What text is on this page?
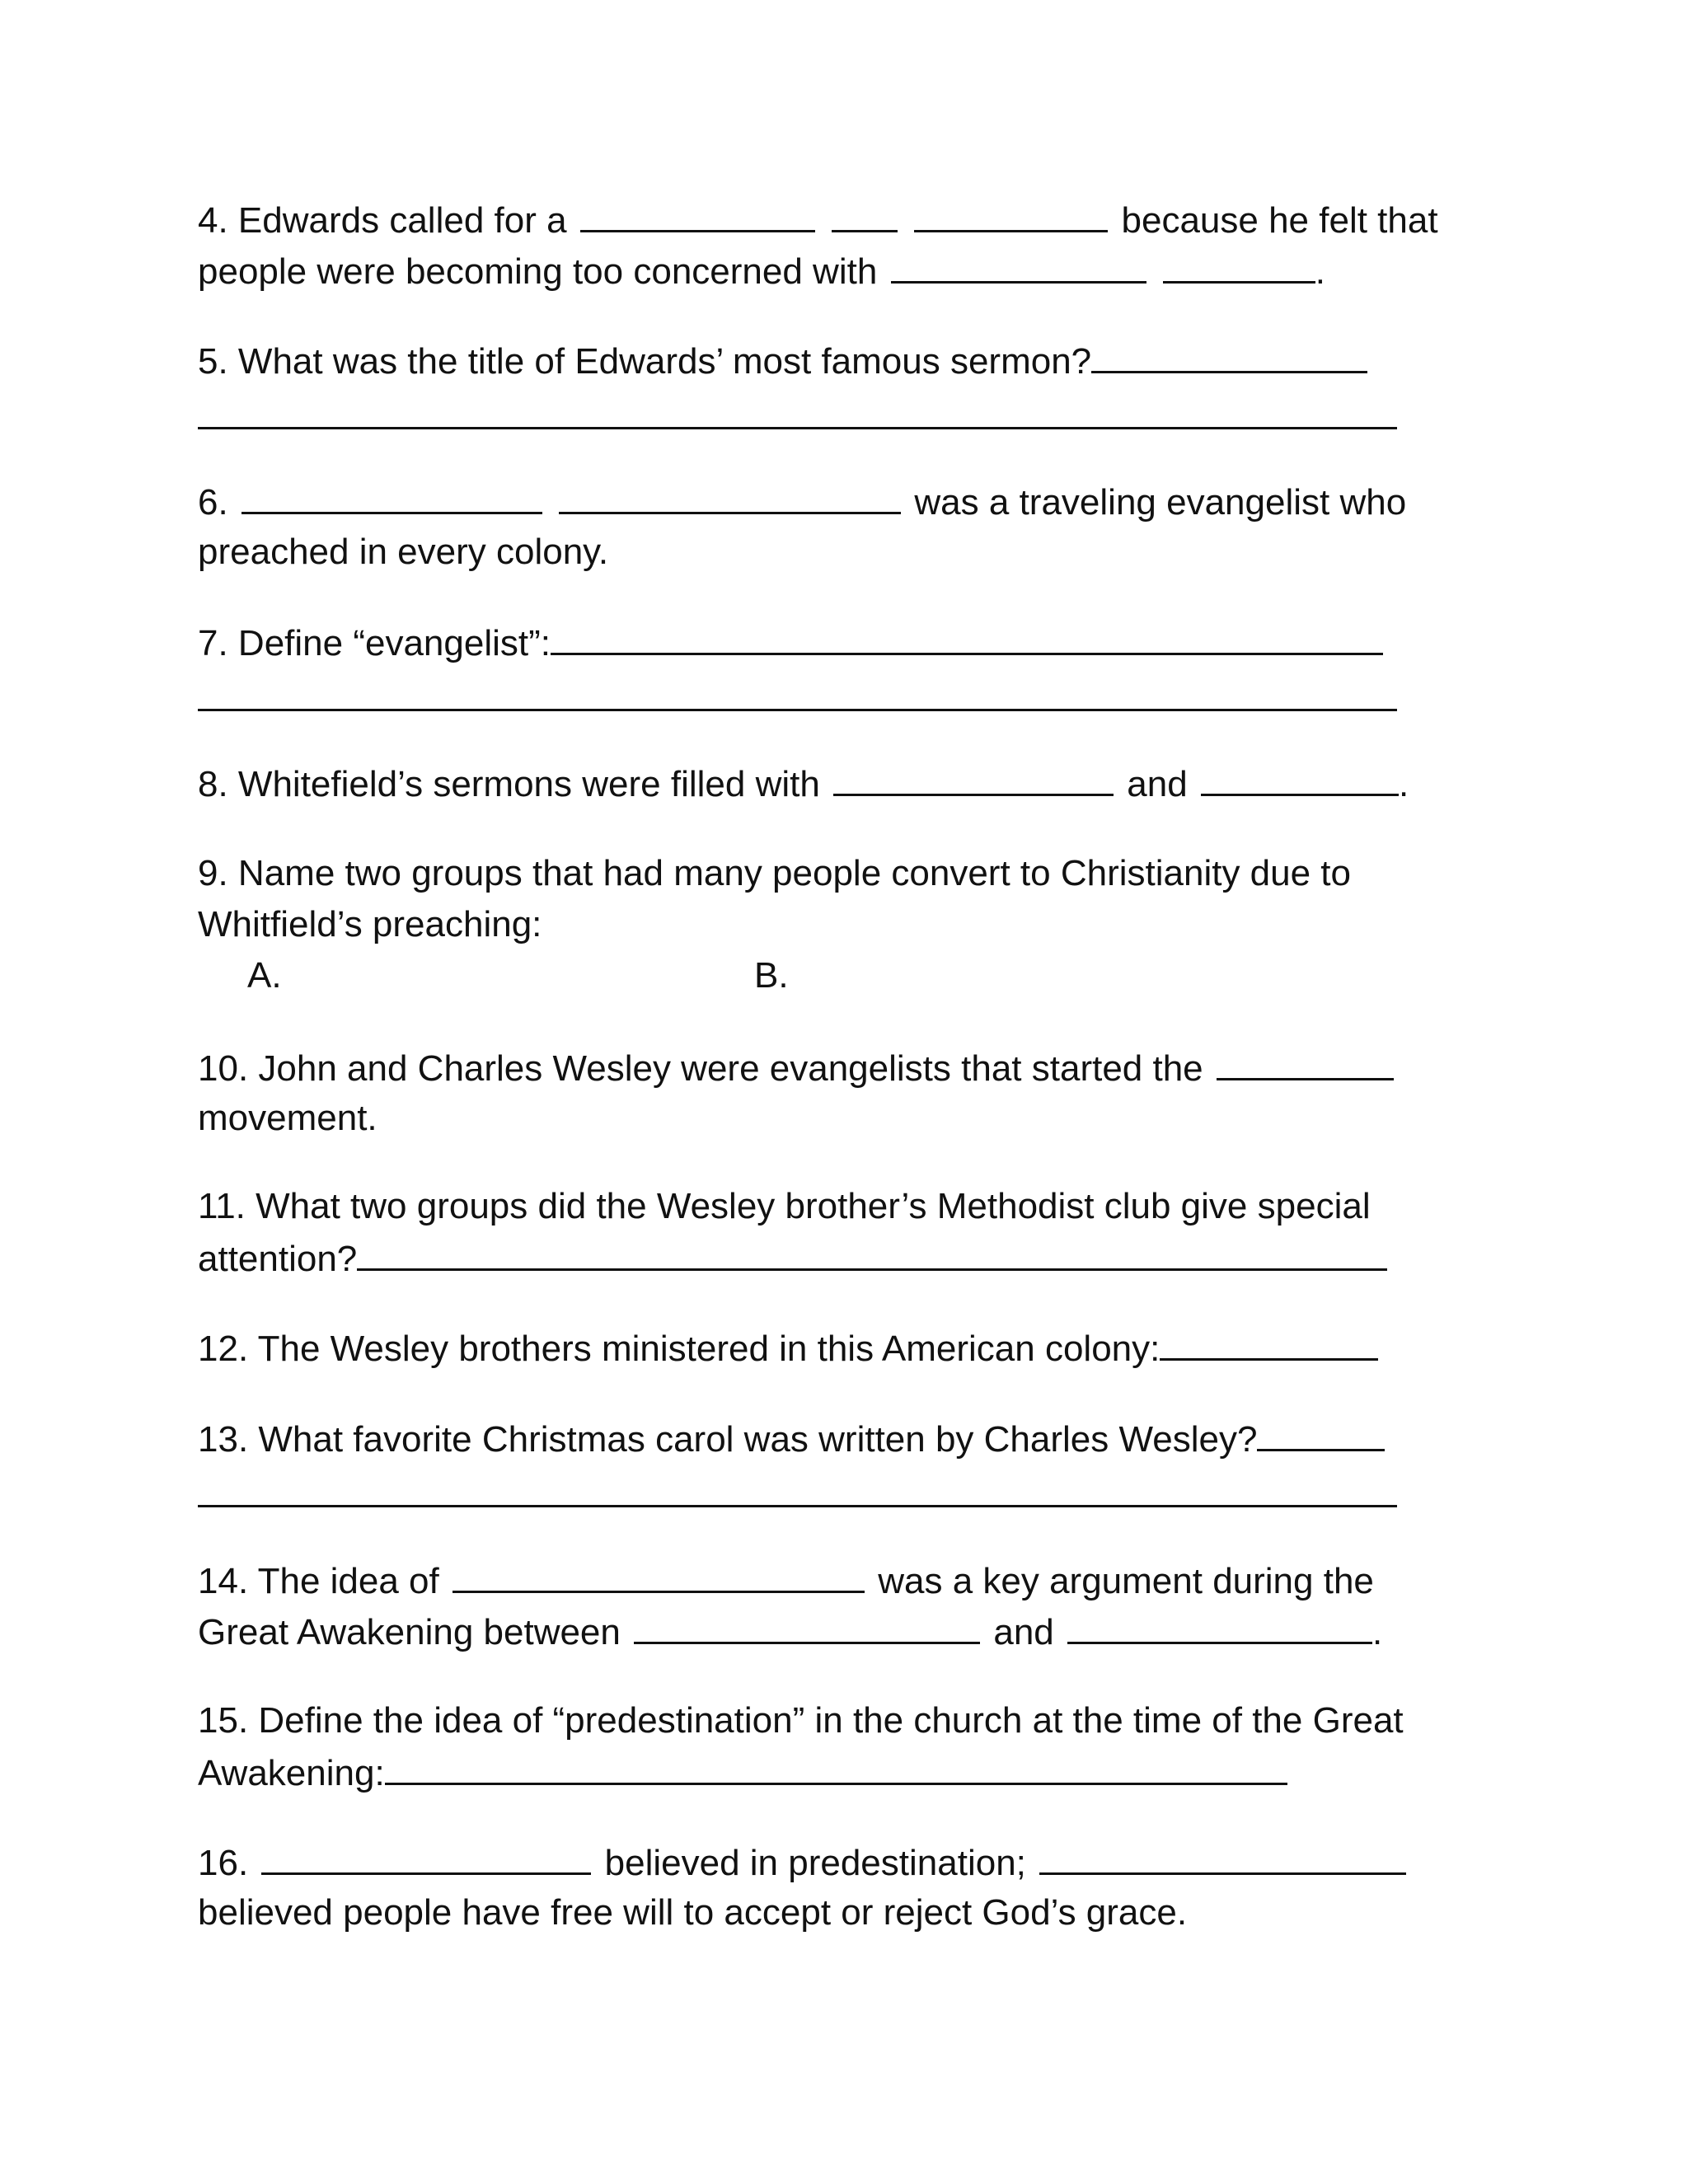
4. Edwards called for a	because he felt that
people were becoming too concerned with	.
5. What was the title of Edwards’ most famous sermon?
6.	was a traveling evangelist who
preached in every colony.
7. Define “evangelist”:
8. Whitefield’s sermons were filled with	and	.
9. Name two groups that had many people convert to Christianity due to
Whitfield’s preaching:
A.	B.
10. John and Charles Wesley were evangelists that started the
movement.
11. What two groups did the Wesley brother’s Methodist club give special
attention?
12. The Wesley brothers ministered in this American colony:
13. What favorite Christmas carol was written by Charles Wesley?
14. The idea of	was a key argument during the
Great Awakening between	and	.
15. Define the idea of “predestination” in the church at the time of the Great
Awakening:
16.	believed in predestination;
believed people have free will to accept or reject God’s grace.
